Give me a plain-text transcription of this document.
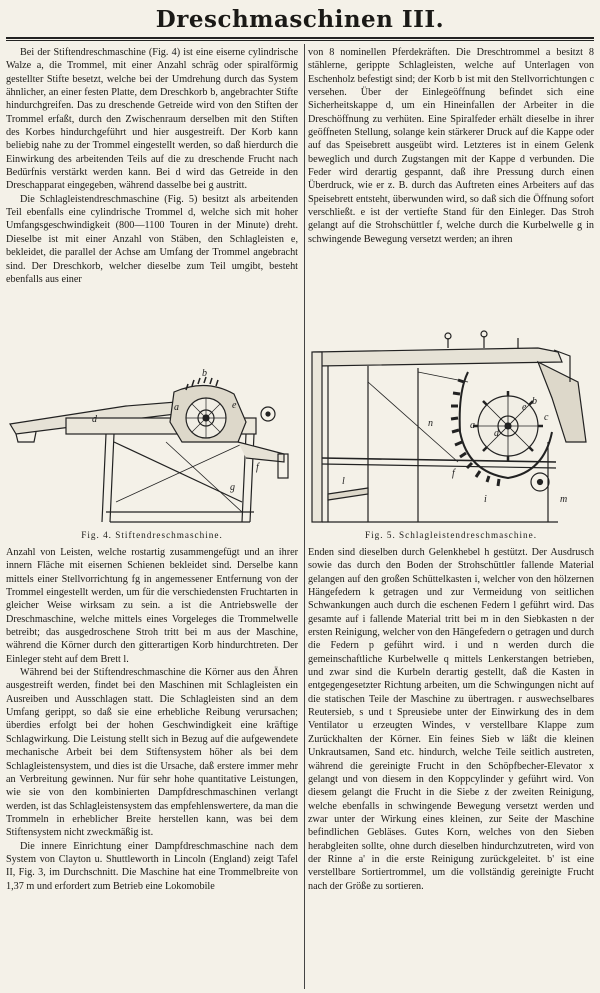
Dreschmaschinen III.

Bei der Stiftendreschmaschine (Fig. 4) ist eine eiserne cylindrische Walze a, die Trommel, mit einer Anzahl schräg oder spiralförmig gestellter Stifte besetzt, welche bei der Umdrehung durch das System ähnlicher, an einer festen Platte, dem Dreschkorb b, angebrachter Stifte hindurchgreifen. Das zu dreschende Getreide wird von den Stiften der Trommel erfaßt, durch den Zwischenraum derselben mit den Stiften des Korbes hindurchgeführt und hier ausgestreift. Der Korb kann beliebig nahe zu der Trommel eingestellt werden, so daß hierdurch die Einwirkung des arbeitenden Teils auf die zu dreschende Frucht nach Bedürfnis verstärkt werden kann. Bei d wird das Getreide in den Dreschapparat eingegeben, während dasselbe bei g austritt.

Die Schlagleistendreschmaschine (Fig. 5) besitzt als arbeitenden Teil ebenfalls eine cylindrische Trommel d, welche sich mit hoher Umfangsgeschwindigkeit (800—1100 Touren in der Minute) dreht. Dieselbe ist mit einer Anzahl von Stäben, den Schlagleisten e, bekleidet, die parallel der Achse am Umfang der Trommel angebracht sind. Der Dreschkorb, welcher dieselbe zum Teil umgibt, besteht ebenfalls aus einer

von 8 nominellen Pferdekräften. Die Dreschtrommel a besitzt 8 stählerne, gerippte Schlagleisten, welche auf Unterlagen von Eschenholz befestigt sind; der Korb b ist mit den Stellvorrichtungen c versehen. Über der Einlegeöffnung befindet sich eine Sicherheitskappe d, um ein Hineinfallen der Arbeiter in die Dreschöffnung zu verhüten. Eine Spiralfeder erhält dieselbe in ihrer geöffneten Stellung, solange kein stärkerer Druck auf die Kappe oder auf das Speisebrett ausgeübt wird. Letzteres ist in einem Gelenk beweglich und durch Zugstangen mit der Kappe d verbunden. Die Feder wird derartig gespannt, daß ihre Pressung durch einen Überdruck, wie er z. B. durch das Auftreten eines Arbeiters auf das Speisebrett entsteht, überwunden wird, so daß sich die Öffnung sofort verschließt. e ist der vertiefte Stand für den Einleger. Das Stroh gelangt auf die Strohschüttler f, welche durch die Kurbelwelle g in schwingende Bewegung versetzt werden; an ihren

b
d
a	e
g
f
Fig. 4. Stiftendreschmaschine.
b
c
d
a
e
n
f
l
i	m
Fig. 5. Schlagleistendreschmaschine.

Anzahl von Leisten, welche rostartig zusammengefügt und an ihrer innern Fläche mit eisernen Schienen bekleidet sind. Derselbe kann mittels einer Stellvorrichtung fg in angemessener Entfernung von der Trommel eingestellt werden, um für die verschiedensten Fruchtarten in gleicher Weise wirksam zu sein. a ist die Antriebswelle der Dreschmaschine, welche mittels eines Vorgeleges die Trommelwelle betreibt; das ausgedroschene Stroh tritt bei m aus der Maschine, während die Körner durch den gitterartigen Korb hindurchtreten. Der Einleger steht auf dem Brett l.

Während bei der Stiftendreschmaschine die Körner aus den Ähren ausgestreift werden, findet bei den Maschinen mit Schlagleisten ein Ausreiben und Ausschlagen statt. Die Schlagleisten sind an dem Umfang gerippt, so daß sie eine erhebliche Reibung verursachen; überdies erfolgt bei der hohen Geschwindigkeit eine kräftige Schlagwirkung. Die Leistung stellt sich in Bezug auf die aufgewendete mechanische Arbeit bei dem Stiftensystem höher als bei dem Schlagleistensystem, und dies ist die Ursache, daß erstere immer mehr an Verbreitung gewinnen. Nur für sehr hohe quantitative Leistungen, wie sie von den kombinierten Dampfdreschmaschinen verlangt werden, ist das Schlagleistensystem das empfehlenswertere, da man die Trommeln in erheblicher Breite herstellen kann, was bei dem Stiftensystem nicht zweckmäßig ist.

Die innere Einrichtung einer Dampfdreschmaschine nach dem System von Clayton u. Shuttleworth in Lincoln (England) zeigt Tafel II, Fig. 3, im Durchschnitt. Die Maschine hat eine Trommelbreite von 1,37 m und erfordert zum Betrieb eine Lokomobile

Enden sind dieselben durch Gelenkhebel h gestützt. Der Ausdrusch sowie das durch den Boden der Strohschüttler fallende Material gelangen auf den großen Schüttelkasten i, welcher von den hölzernen Hängefedern k getragen und zur Vermeidung von seitlichen Schwankungen auch durch die eschenen Federn l geführt wird. Das gesamte auf i fallende Material tritt bei m in den Siebkasten n der ersten Reinigung, welcher von den Hängefedern o getragen und durch die Federn p geführt wird. i und n werden durch die gemeinschaftliche Kurbelwelle q mittels Lenkerstangen betrieben, und zwar sind die Kurbeln derartig gestellt, daß die Kasten in entgegengesetzter Richtung arbeiten, um die Schwingungen nicht auf die statischen Teile der Maschine zu übertragen. r auswechselbares Reutersieb, s und t Spreusiebe unter der Einwirkung des in dem Ventilator u erzeugten Windes, v verstellbare Klappe zum Zurückhalten der Körner. Ein feines Sieb w läßt die kleinen Unkrautsamen, Sand etc. hindurch, welche Teile seitlich austreten, während die gereinigte Frucht in den Schöpfbecher-Elevator x gelangt und von diesem in den Koppcylinder y geführt wird. Von diesem gelangt die Frucht in die Siebe z der zweiten Reinigung, welche ebenfalls in schwingende Bewegung versetzt werden und zwar unter der Wirkung eines kleinen, zur Seite der Maschine befindlichen Gebläses. Gutes Korn, welches von den Sieben herabgleiten sollte, ohne durch dieselben hindurchzutreten, wird von der Rinne a' in die erste Reinigung zurückgeleitet. b' ist eine verstellbare Sortiertrommel, um die vollständig gereinigte Frucht nach der Größe zu sortieren.
